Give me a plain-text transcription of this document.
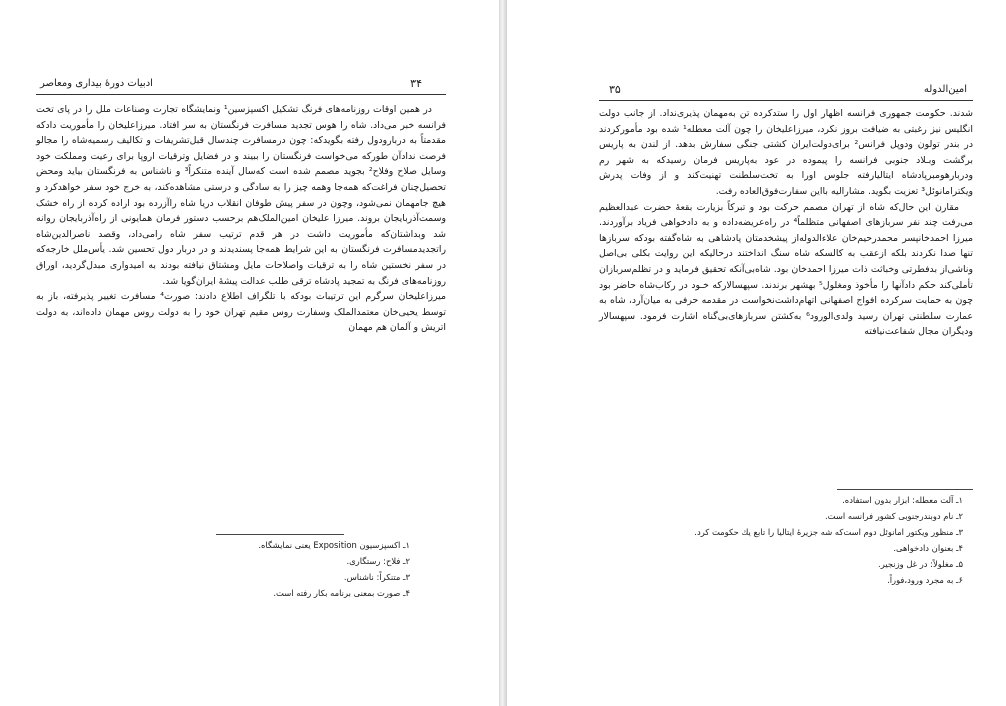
۳۴
ادبیات دورهٔ بیداری ومعاصر

در همین اوقات روزنامه‌های فرنگ تشکیل اکسپزسین¹ ونمایشگاه تجارت وصناعات ملل را در پای تخت فرانسه خبر می‌داد. شاه را هوس تجدید مسافرت فرنگستان به سر افتاد. میرزاعلیخان را مأموریت دادکه مقدمتاً به دربارودول رفته بگوید‌که: چون درمسافرت چندسال قبل‌تشریفات و تکالیف رسمیه‌شاه را مجالو فرصت نداد‌آن طورکه می‌خواست فرنگستان را ببیند و در فضایل وترقیات اروپا برای رعیت ومملکت خود وسایل صلاح وفلاح² بجوید مصمم شده است که‌سال آینده متنکراً³ و ناشناس به فرنگستان بیاید ومحض تحصیل‌چنان فراغت‌که همه‌جا وهمه چیز را به سادگی و درستی مشاهده‌کند، به خرج خود سفر خواهدکرد و هیچ جامهمان نمی‌شود، وچون در سفر پیش طوفان انقلاب دریا شاه راآزرده بود اراده کرده از راه خشک وسمت‌آذربایجان بروند. میرزا علیخان امین‌الملک‌هم برحسب دستور فرمان همایونی از راه‌آذربایجان روانه شد وبداشتان‌که مأموریت داشت در هر قدم ترتیب سفر شاه رامی‌داد، وقصد ناصرالدین‌شاه راتجدیدمسافرت فرنگستان به این شرایط همه‌جا پسندیدند و در دربار دول تحسین شد. یأس‌ملل خارجه‌که در سفر نخستین شاه را به ترقیات واصلاحات مایل ومشتاق نیافته بودند به امیدواری مبدل‌گردید، اوراق روزنامه‌های فرنگ به تمجید پادشاه ترقی طلب عدالت پیشهٔ ایران‌گویا شد.

میرزاعلیخان سرگرم این ترتیبات بودکه با تلگراف اطلاع دادند: صورت⁴ مسافرت تغییر پذیرفته، باز به توسط یحیی‌خان معتمدالملک وسفارت روس مقیم تهران خود را به دولت روس مهمان داده‌اند، به دولت اتریش و آلمان هم مهمان

۱ـ اکسپزسیون Exposition یعنی نمایشگاه.
۲ـ فلاح: رستگاری.
۳ـ متنکراً: ناشناس.
۴ـ صورت بمعنی برنامه بکار رفته است.
۳۵	امین‌الدوله

شدند. حکومت جمهوری فرانسه اظهار اول را ستدکرده تن به‌مهمان پذیری‌نداد. از جانب دولت انگلیس نیز رغبتی به ضیافت بروز نکرد، میرزاعلیخان را چون آلت معطله¹ شده بود مأمورکردند در بندر تولون ودوپل فرانس² برای‌دولت‌ایران کشتی جنگی سفارش بدهد. از لندن به پاریس برگشت وبـلاد جنوبی فرانسه را پیموده در عود به‌پاریس فرمان رسید‌که به شهر رم ودربارهومبرپادشاه ایتالیارفته جلوس اورا به تخت‌سلطنت تهنیت‌کند و از وفات پدرش ویکترامانوئل³ تعزیت بگوید. مشارالیه بااین سفارت‌فوق‌العاده رفت.

مقارن این حال‌که شاه از تهران مصمم حرکت بود و تبرکاً بزیارت بقعهٔ حضرت عبدالعظیم می‌رفت چند نفر سربازهای اصفهانی متظلماً⁴ در راه‌عریضه‌داده و به دادخواهی فریاد برآوردند. میرزا احمدخانپسر محمدرحیم‌خان علاءالدوله‌از پیشخدمتان پادشاهی به شاه‌گفته بودکه سربازها تنها صدا نکردند بلکه ازعقب به کالسکه شاه سنگ انداختند درحالیکه این روایت بکلی بی‌اصل وناشی‌از بدفطرتی وخباثت ذات میرزا احمدخان بود. شاه‌بی‌آنکه تحقیق فرماید و در تظلم‌سربازان تأملی‌کند حکم دادآنها را مأخوذ ومغلول⁵ بهشهر برندند. سپهسالارکه خـود در رکاب‌شاه حاضر بود چون به حمایت سرکرده افواج اصفهانی اتهام‌داشت‌نخواست در مقدمه حرفی به میان‌آرد، شاه به عمارت سلطنتی تهران رسید ولدی‌الورود⁶ به‌کشتن سربازهای‌بی‌گناه اشارت فرمود. سپهسالار ودیگران مجال شفاعت‌نیافته

۱ـ آلت معطله: ابزار بدون استفاده.
۲ـ نام دوبندرجنوبی کشور فرانسه است.
۳ـ منظور ویکتور امانوئل دوم است‌که شه جزیرهٔ ایتالیا را تابع یك حکومت کرد.
۴ـ بعنوان دادخواهی.
۵ـ مغلولاً: در غل وزنجیر.
۶ـ به مجرد ورود،فوراً.
